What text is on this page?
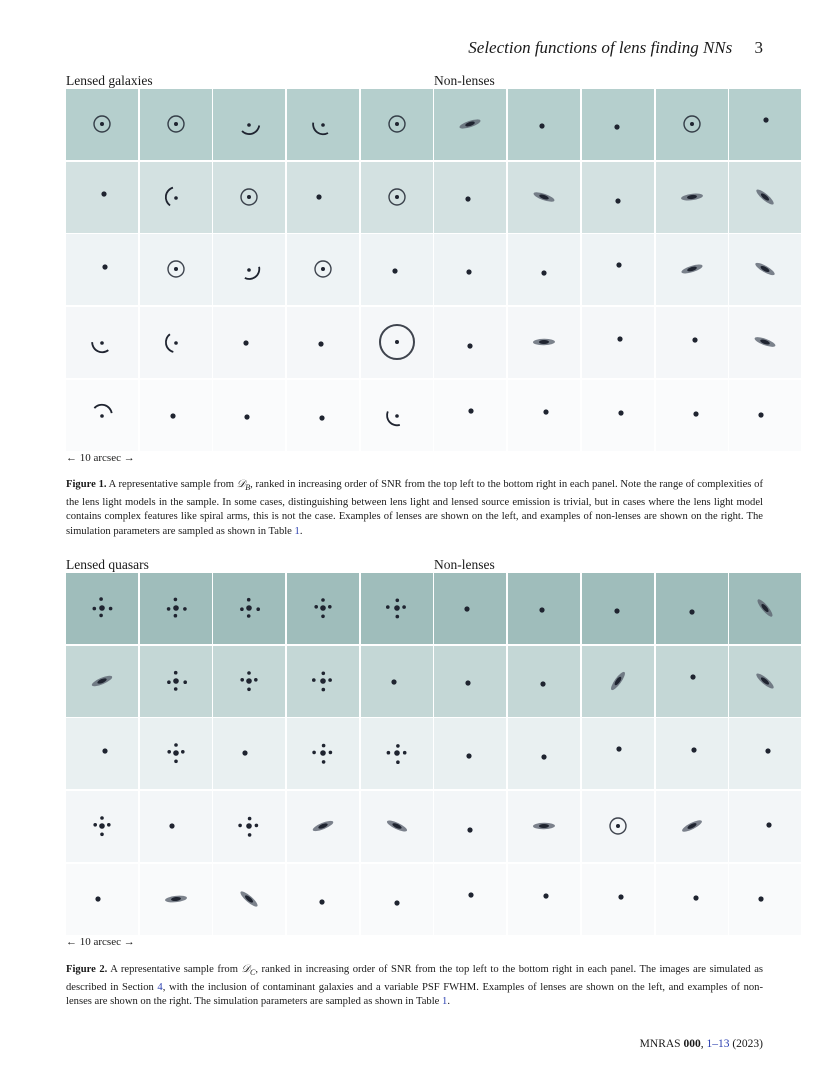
Selection functions of lens finding NNs 3
Lensed galaxies	Non-lenses
← 10 arcsec →
Figure 1. A representative sample from 𝒟$_B$, ranked in increasing order of SNR from the top left to the bottom right in each panel. Note the range of complexities of the lens light models in the sample. In some cases, distinguishing between lens light and lensed source emission is trivial, but in cases where the lens light model contains complex features like spiral arms, this is not the case. Examples of lenses are shown on the left, and examples of non-lenses are shown on the right. The simulation parameters are sampled as shown in Table 1.
Lensed quasars	Non-lenses
← 10 arcsec →
Figure 2. A representative sample from 𝒟$_C$, ranked in increasing order of SNR from the top left to the bottom right in each panel. The images are simulated as described in Section 4, with the inclusion of contaminant galaxies and a variable PSF FWHM. Examples of lenses are shown on the left, and examples of non-lenses are shown on the right. The simulation parameters are sampled as shown in Table 1.
MNRAS 000, 1–13 (2023)
